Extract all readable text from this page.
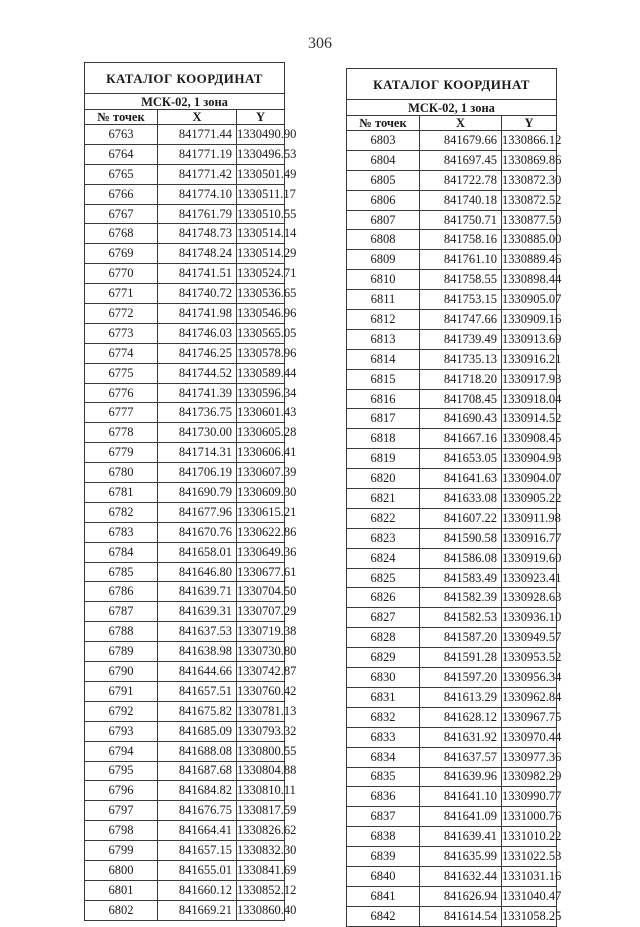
306
КАТАЛОГ КООРДИНАТ		
МСК-02, 1 зона		
№ точек	X	Y
6763	841771.44	1330490.90
6764	841771.19	1330496.53
6765	841771.42	1330501.49
6766	841774.10	1330511.17
6767	841761.79	1330510.55
6768	841748.73	1330514.14
6769	841748.24	1330514.29
6770	841741.51	1330524.71
6771	841740.72	1330536.65
6772	841741.98	1330546.96
6773	841746.03	1330565.05
6774	841746.25	1330578.96
6775	841744.52	1330589.44
6776	841741.39	1330596.34
6777	841736.75	1330601.43
6778	841730.00	1330605.28
6779	841714.31	1330606.41
6780	841706.19	1330607.39
6781	841690.79	1330609.30
6782	841677.96	1330615.21
6783	841670.76	1330622.86
6784	841658.01	1330649.36
6785	841646.80	1330677.61
6786	841639.71	1330704.50
6787	841639.31	1330707.29
6788	841637.53	1330719.38
6789	841638.98	1330730.80
6790	841644.66	1330742.87
6791	841657.51	1330760.42
6792	841675.82	1330781.13
6793	841685.09	1330793.32
6794	841688.08	1330800.55
6795	841687.68	1330804.88
6796	841684.82	1330810.11
6797	841676.75	1330817.59
6798	841664.41	1330826.62
6799	841657.15	1330832.30
6800	841655.01	1330841.69
6801	841660.12	1330852.12
6802	841669.21	1330860.40
КАТАЛОГ КООРДИНАТ		
МСК-02, 1 зона		
№ точек	X	Y
6803	841679.66	1330866.12
6804	841697.45	1330869.86
6805	841722.78	1330872.30
6806	841740.18	1330872.52
6807	841750.71	1330877.50
6808	841758.16	1330885.00
6809	841761.10	1330889.46
6810	841758.55	1330898.44
6811	841753.15	1330905.07
6812	841747.66	1330909.16
6813	841739.49	1330913.69
6814	841735.13	1330916.21
6815	841718.20	1330917.93
6816	841708.45	1330918.04
6817	841690.43	1330914.52
6818	841667.16	1330908.45
6819	841653.05	1330904.93
6820	841641.63	1330904.07
6821	841633.08	1330905.22
6822	841607.22	1330911.98
6823	841590.58	1330916.77
6824	841586.08	1330919.60
6825	841583.49	1330923.41
6826	841582.39	1330928.63
6827	841582.53	1330936.10
6828	841587.20	1330949.57
6829	841591.28	1330953.52
6830	841597.20	1330956.34
6831	841613.29	1330962.84
6832	841628.12	1330967.75
6833	841631.92	1330970.44
6834	841637.57	1330977.36
6835	841639.96	1330982.29
6836	841641.10	1330990.77
6837	841641.09	1331000.76
6838	841639.41	1331010.22
6839	841635.99	1331022.53
6840	841632.44	1331031.16
6841	841626.94	1331040.47
6842	841614.54	1331058.25
